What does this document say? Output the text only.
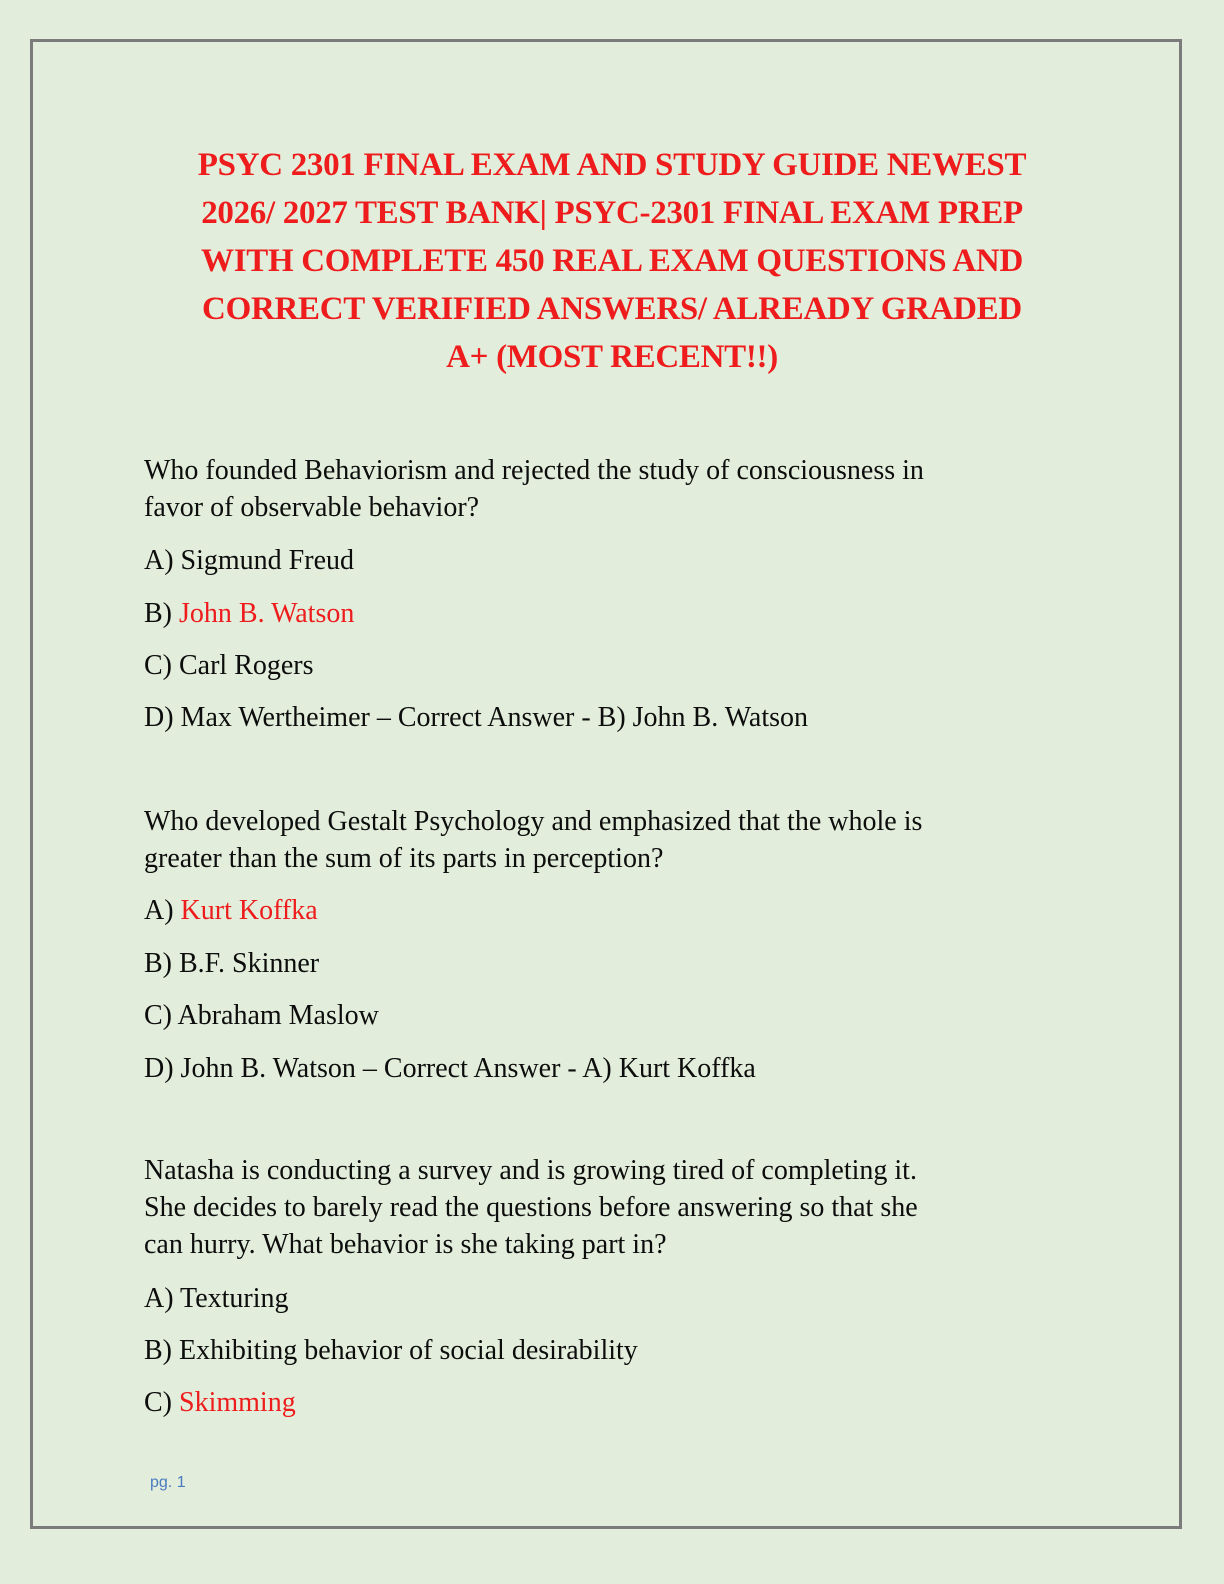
PSYC 2301 FINAL EXAM AND STUDY GUIDE NEWEST
2026/ 2027 TEST BANK| PSYC-2301 FINAL EXAM PREP
WITH COMPLETE 450 REAL EXAM QUESTIONS AND
CORRECT VERIFIED ANSWERS/ ALREADY GRADED
A+ (MOST RECENT!!)

Who founded Behaviorism and rejected the study of consciousness in
favor of observable behavior?

A) Sigmund Freud

B) John B. Watson

C) Carl Rogers

D) Max Wertheimer – Correct Answer - B) John B. Watson

Who developed Gestalt Psychology and emphasized that the whole is
greater than the sum of its parts in perception?

A) Kurt Koffka

B) B.F. Skinner

C) Abraham Maslow

D) John B. Watson – Correct Answer - A) Kurt Koffka

Natasha is conducting a survey and is growing tired of completing it.
She decides to barely read the questions before answering so that she
can hurry. What behavior is she taking part in?

A) Texturing

B) Exhibiting behavior of social desirability

C) Skimming

pg. 1
